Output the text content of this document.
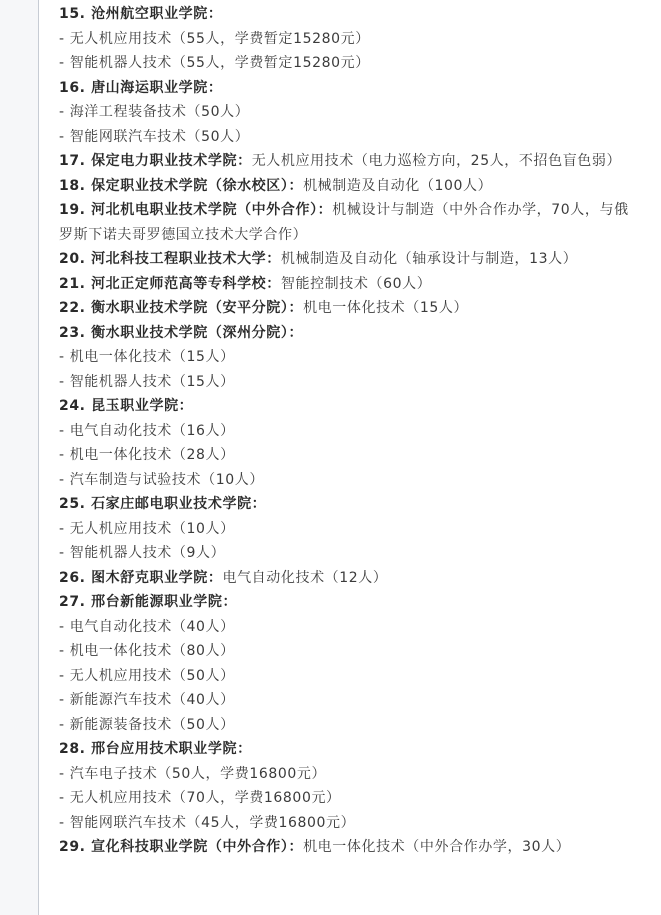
15. 沧州航空职业学院：
- 无人机应用技术（55人，学费暂定15280元）
- 智能机器人技术（55人，学费暂定15280元）
16. 唐山海运职业学院：
- 海洋工程装备技术（50人）
- 智能网联汽车技术（50人）
17. 保定电力职业技术学院：无人机应用技术（电力巡检方向，25人，不招色盲色弱）
18. 保定职业技术学院（徐水校区）：机械制造及自动化（100人）
19. 河北机电职业技术学院（中外合作）：机械设计与制造（中外合作办学，70人，与俄罗斯下诺夫哥罗德国立技术大学合作）
20. 河北科技工程职业技术大学：机械制造及自动化（轴承设计与制造，13人）
21. 河北正定师范高等专科学校：智能控制技术（60人）
22. 衡水职业技术学院（安平分院）：机电一体化技术（15人）
23. 衡水职业技术学院（深州分院）：
- 机电一体化技术（15人）
- 智能机器人技术（15人）
24. 昆玉职业学院：
- 电气自动化技术（16人）
- 机电一体化技术（28人）
- 汽车制造与试验技术（10人）
25. 石家庄邮电职业技术学院：
- 无人机应用技术（10人）
- 智能机器人技术（9人）
26. 图木舒克职业学院：电气自动化技术（12人）
27. 邢台新能源职业学院：
- 电气自动化技术（40人）
- 机电一体化技术（80人）
- 无人机应用技术（50人）
- 新能源汽车技术（40人）
- 新能源装备技术（50人）
28. 邢台应用技术职业学院：
- 汽车电子技术（50人，学费16800元）
- 无人机应用技术（70人，学费16800元）
- 智能网联汽车技术（45人，学费16800元）
29. 宣化科技职业学院（中外合作）：机电一体化技术（中外合作办学，30人）
